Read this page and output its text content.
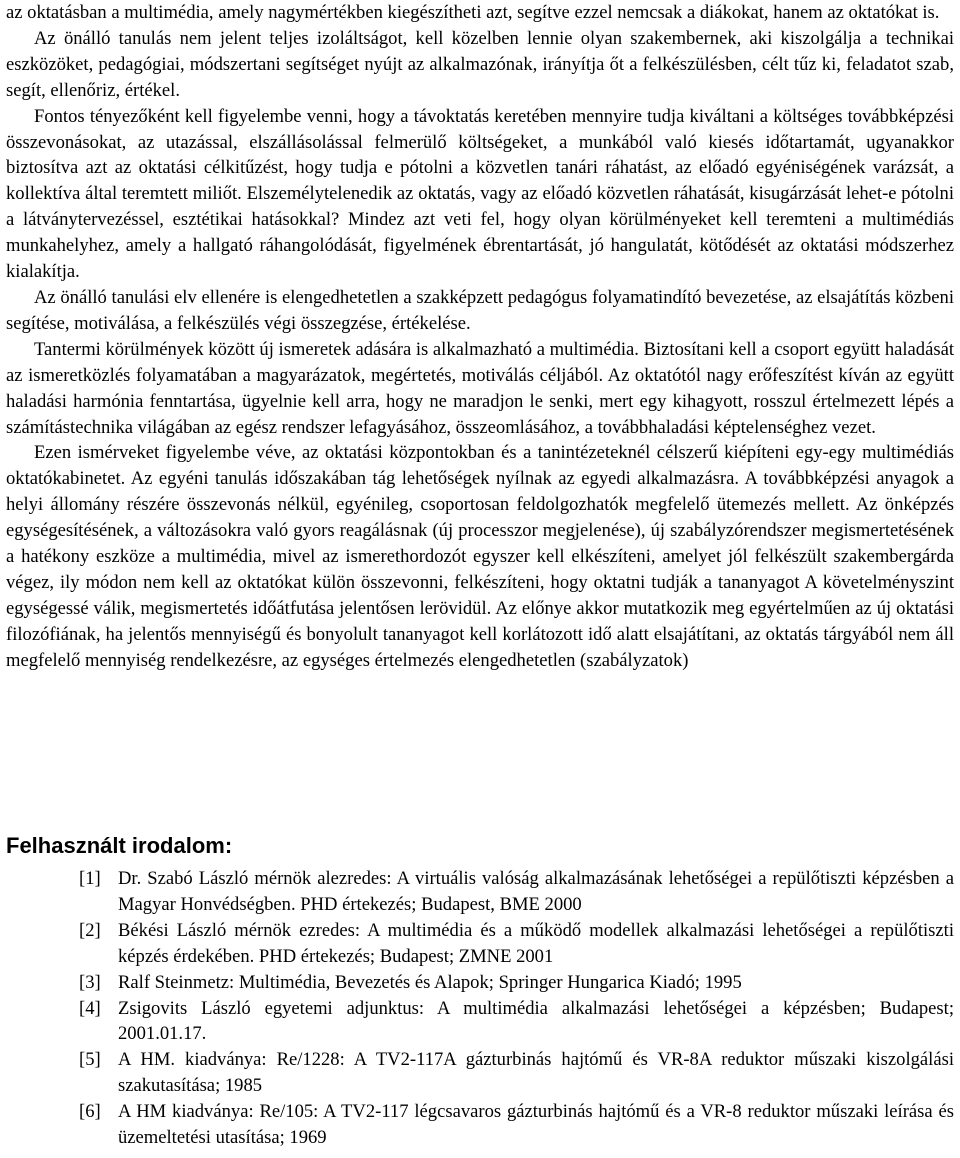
az oktatásban a multimédia, amely nagymértékben kiegészítheti azt, segítve ezzel nemcsak a diákokat, hanem az oktatókat is.

Az önálló tanulás nem jelent teljes izoláltságot, kell közelben lennie olyan szakembernek, aki kiszolgálja a technikai eszközöket, pedagógiai, módszertani segítséget nyújt az alkalmazónak, irányítja őt a felkészülésben, célt tűz ki, feladatot szab, segít, ellenőriz, értékel.

Fontos tényezőként kell figyelembe venni, hogy a távoktatás keretében mennyire tudja kiváltani a költséges továbbképzési összevonásokat, az utazással, elszállásolással felmerülő költségeket, a munkából való kiesés időtartamát, ugyanakkor biztosítva azt az oktatási célkitűzést, hogy tudja e pótolni a közvetlen tanári ráhatást, az előadó egyéniségének varázsát, a kollektíva által teremtett miliőt. Elszemélytelenedik az oktatás, vagy az előadó közvetlen ráhatását, kisugárzását lehet-e pótolni a látványtervezéssel, esztétikai hatásokkal? Mindez azt veti fel, hogy olyan körülményeket kell teremteni a multimédiás munkahelyhez, amely a hallgató ráhangolódását, figyelmének ébrentartását, jó hangulatát, kötődését az oktatási módszerhez kialakítja.

Az önálló tanulási elv ellenére is elengedhetetlen a szakképzett pedagógus folyamatindító bevezetése, az elsajátítás közbeni segítése, motiválása, a felkészülés végi összegzése, értékelése.

Tantermi körülmények között új ismeretek adására is alkalmazható a multimédia. Biztosítani kell a csoport együtt haladását az ismeretközlés folyamatában a magyarázatok, megértetés, motiválás céljából. Az oktatótól nagy erőfeszítést kíván az együtt haladási harmónia fenntartása, ügyelnie kell arra, hogy ne maradjon le senki, mert egy kihagyott, rosszul értelmezett lépés a számítástechnika világában az egész rendszer lefagyásához, összeomlásához, a továbbhaladási képtelenséghez vezet.

Ezen ismérveket figyelembe véve, az oktatási központokban és a tanintézeteknél célszerű kiépíteni egy-egy multimédiás oktatókabinetet. Az egyéni tanulás időszakában tág lehetőségek nyílnak az egyedi alkalmazásra. A továbbképzési anyagok a helyi állomány részére összevonás nélkül, egyénileg, csoportosan feldolgozhatók megfelelő ütemezés mellett. Az önképzés egységesítésének, a változásokra való gyors reagálásnak (új processzor megjelenése), új szabályzórendszer megismertetésének a hatékony eszköze a multimédia, mivel az ismerethordozót egyszer kell elkészíteni, amelyet jól felkészült szakembergárda végez, ily módon nem kell az oktatókat külön összevonni, felkészíteni, hogy oktatni tudják a tananyagot A követelményszint egységessé válik, megismertetés időátfutása jelentősen lerövidül. Az előnye akkor mutatkozik meg egyértelműen az új oktatási filozófiának, ha jelentős mennyiségű és bonyolult tananyagot kell korlátozott idő alatt elsajátítani, az oktatás tárgyából nem áll megfelelő mennyiség rendelkezésre, az egységes értelmezés elengedhetetlen (szabályzatok)

Felhasznált irodalom:
[1] Dr. Szabó László mérnök alezredes: A virtuális valóság alkalmazásának lehetőségei a repülőtiszti képzésben a Magyar Honvédségben. PHD értekezés; Budapest, BME 2000
[2] Békési László mérnök ezredes: A multimédia és a működő modellek alkalmazási lehetőségei a repülőtiszti képzés érdekében. PHD értekezés; Budapest; ZMNE 2001
[3] Ralf Steinmetz: Multimédia, Bevezetés és Alapok; Springer Hungarica Kiadó; 1995
[4] Zsigovits László egyetemi adjunktus: A multimédia alkalmazási lehetőségei a képzésben; Budapest; 2001.01.17.
[5] A HM. kiadványa: Re/1228: A TV2-117A gázturbinás hajtómű és VR-8A reduktor műszaki kiszolgálási szakutasítása; 1985
[6] A HM kiadványa: Re/105: A TV2-117 légcsavaros gázturbinás hajtómű és a VR-8 reduktor műszaki leírása és üzemeltetési utasítása; 1969
